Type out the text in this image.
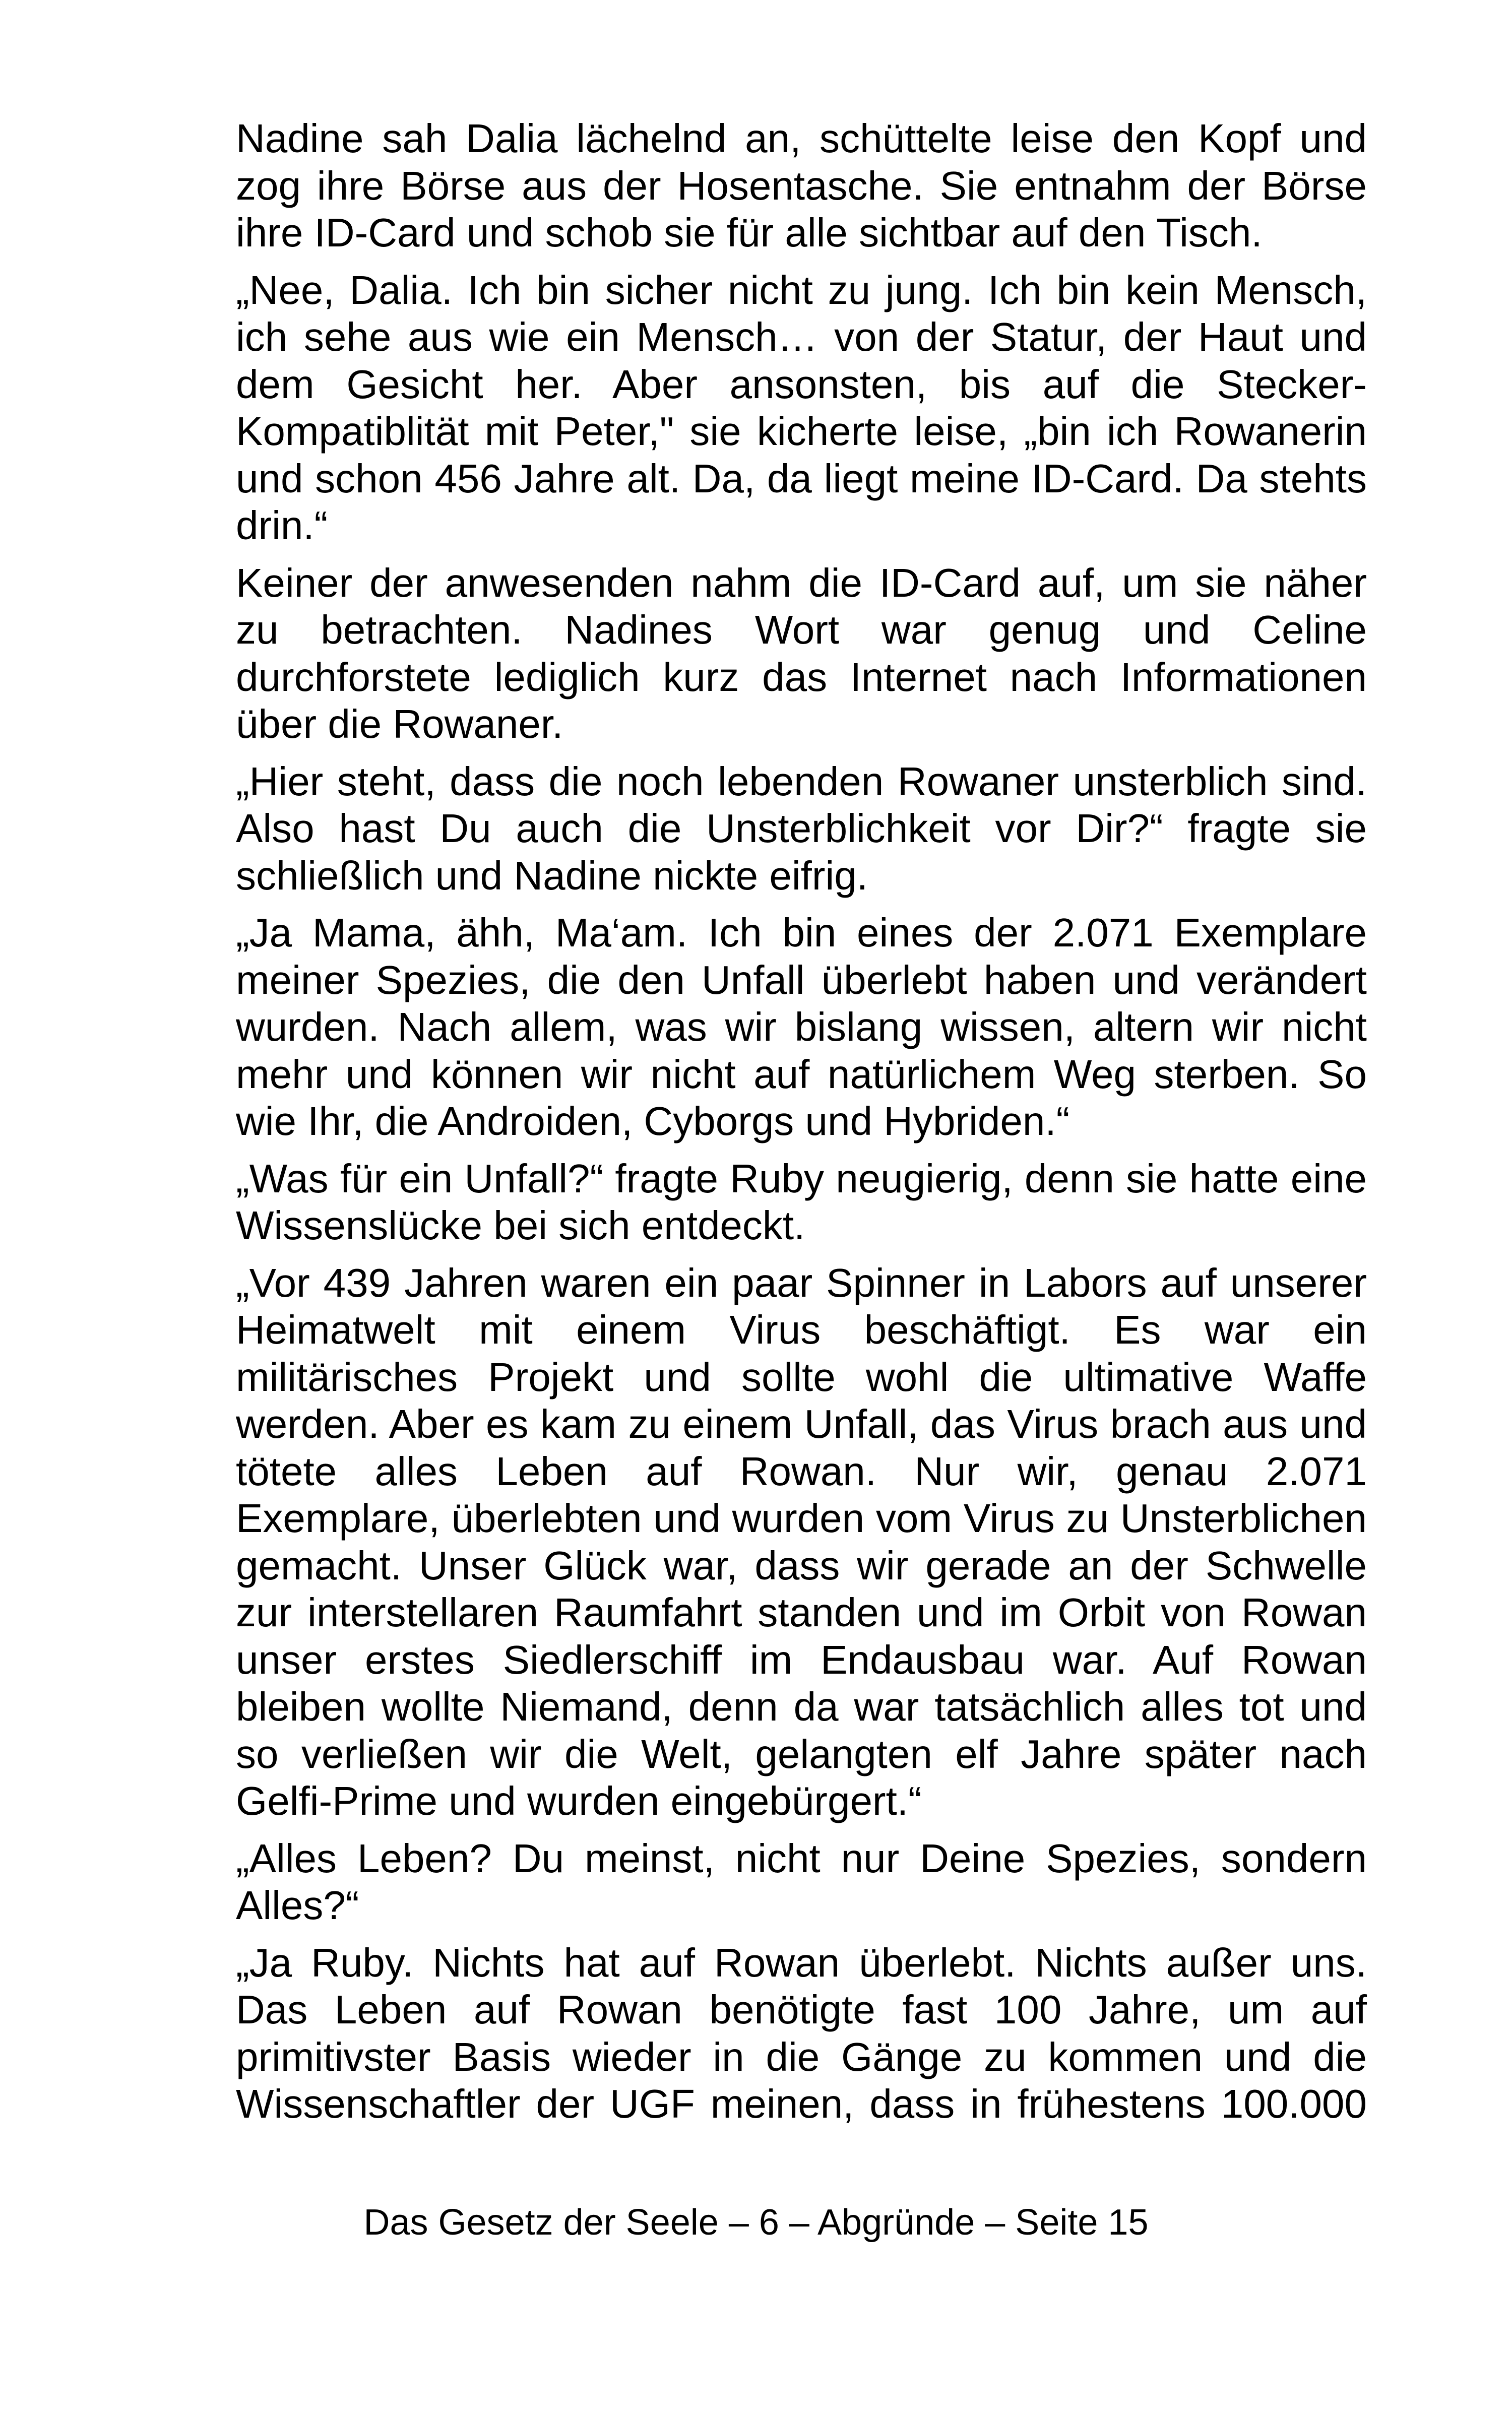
Nadine sah Dalia lächelnd an, schüttelte leise den Kopf und zog ihre Börse aus der Hosentasche. Sie entnahm der Börse ihre ID-Card und schob sie für alle sichtbar auf den Tisch.

„Nee, Dalia. Ich bin sicher nicht zu jung. Ich bin kein Mensch, ich sehe aus wie ein Mensch… von der Statur, der Haut und dem Gesicht her. Aber ansonsten, bis auf die Stecker-Kompatiblität mit Peter," sie kicherte leise, „bin ich Rowanerin und schon 456 Jahre alt. Da, da liegt meine ID-Card. Da stehts drin.“

Keiner der anwesenden nahm die ID-Card auf, um sie näher zu betrachten. Nadines Wort war genug und Celine durchforstete lediglich kurz das Internet nach Informationen über die Rowaner.

„Hier steht, dass die noch lebenden Rowaner unsterblich sind. Also hast Du auch die Unsterblichkeit vor Dir?“ fragte sie schließlich und Nadine nickte eifrig.

„Ja Mama, ähh, Ma‘am. Ich bin eines der 2.071 Exemplare meiner Spezies, die den Unfall überlebt haben und verändert wurden. Nach allem, was wir bislang wissen, altern wir nicht mehr und können wir nicht auf natürlichem Weg sterben. So wie Ihr, die Androiden, Cyborgs und Hybriden.“

„Was für ein Unfall?“ fragte Ruby neugierig, denn sie hatte eine Wissenslücke bei sich entdeckt.

„Vor 439 Jahren waren ein paar Spinner in Labors auf unserer Heimatwelt mit einem Virus beschäftigt. Es war ein militärisches Projekt und sollte wohl die ultimative Waffe werden. Aber es kam zu einem Unfall, das Virus brach aus und tötete alles Leben auf Rowan. Nur wir, genau 2.071 Exemplare, überlebten und wurden vom Virus zu Unsterblichen gemacht. Unser Glück war, dass wir gerade an der Schwelle zur interstellaren Raumfahrt standen und im Orbit von Rowan unser erstes Siedlerschiff im Endausbau war. Auf Rowan bleiben wollte Niemand, denn da war tatsächlich alles tot und so verließen wir die Welt, gelangten elf Jahre später nach Gelfi-Prime und wurden eingebürgert.“

„Alles Leben? Du meinst, nicht nur Deine Spezies, sondern Alles?“

„Ja Ruby. Nichts hat auf Rowan überlebt. Nichts außer uns. Das Leben auf Rowan benötigte fast 100 Jahre, um auf primitivster Basis wieder in die Gänge zu kommen und die Wissenschaftler der UGF meinen, dass in frühestens 100.000

Das Gesetz der Seele – 6 – Abgründe – Seite 15
